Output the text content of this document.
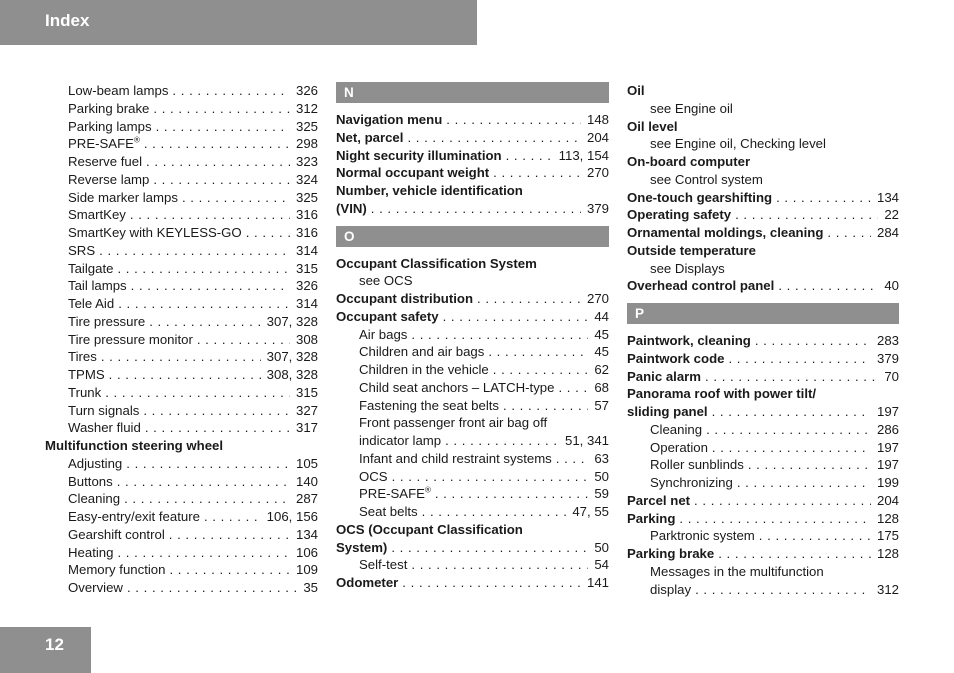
Index
Low-beam lamps . . .	326
Parking brake . . .	312
Parking lamps . . .	325
PRE-SAFE® . . .	298
Reserve fuel . . .	323
Reverse lamp . . .	324
Side marker lamps . . .	325
SmartKey . . .	316
SmartKey with KEYLESS-GO . . .	316
SRS . . .	314
Tailgate . . .	315
Tail lamps . . .	326
Tele Aid . . .	314
Tire pressure . . .	307, 328
Tire pressure monitor . . .	308
Tires . . .	307, 328
TPMS . . .	308, 328
Trunk . . .	315
Turn signals . . .	327
Washer fluid . . .	317
Multifunction steering wheel
Adjusting . . .	105
Buttons . . .	140
Cleaning . . .	287
Easy-entry/exit feature . . .	106, 156
Gearshift control . . .	134
Heating . . .	106
Memory function . . .	109
Overview . . .	35
N
Navigation menu . . .	148
Net, parcel . . .	204
Night security illumination . . .	113, 154
Normal occupant weight . . .	270
Number, vehicle identification
(VIN) . . .	379
O
Occupant Classification System
see OCS
Occupant distribution . . .	270
Occupant safety . . .	44
Air bags . . .	45
Children and air bags . . .	45
Children in the vehicle . . .	62
Child seat anchors – LATCH-type . . .	68
Fastening the seat belts . . .	57
Front passenger front air bag off
indicator lamp . . .	51, 341
Infant and child restraint systems . . .	63
OCS . . .	50
PRE-SAFE® . . .	59
Seat belts . . .	47, 55
OCS (Occupant Classification
System) . . .	50
Self-test . . .	54
Odometer . . .	141
Oil
see Engine oil
Oil level
see Engine oil, Checking level
On-board computer
see Control system
One-touch gearshifting . . .	134
Operating safety . . .	22
Ornamental moldings, cleaning . . .	284
Outside temperature
see Displays
Overhead control panel . . .	40
P
Paintwork, cleaning . . .	283
Paintwork code . . .	379
Panic alarm . . .	70
Panorama roof with power tilt/
sliding panel . . .	197
Cleaning . . .	286
Operation . . .	197
Roller sunblinds . . .	197
Synchronizing . . .	199
Parcel net . . .	204
Parking . . .	128
Parktronic system . . .	175
Parking brake . . .	128
Messages in the multifunction
display . . .	312
12
